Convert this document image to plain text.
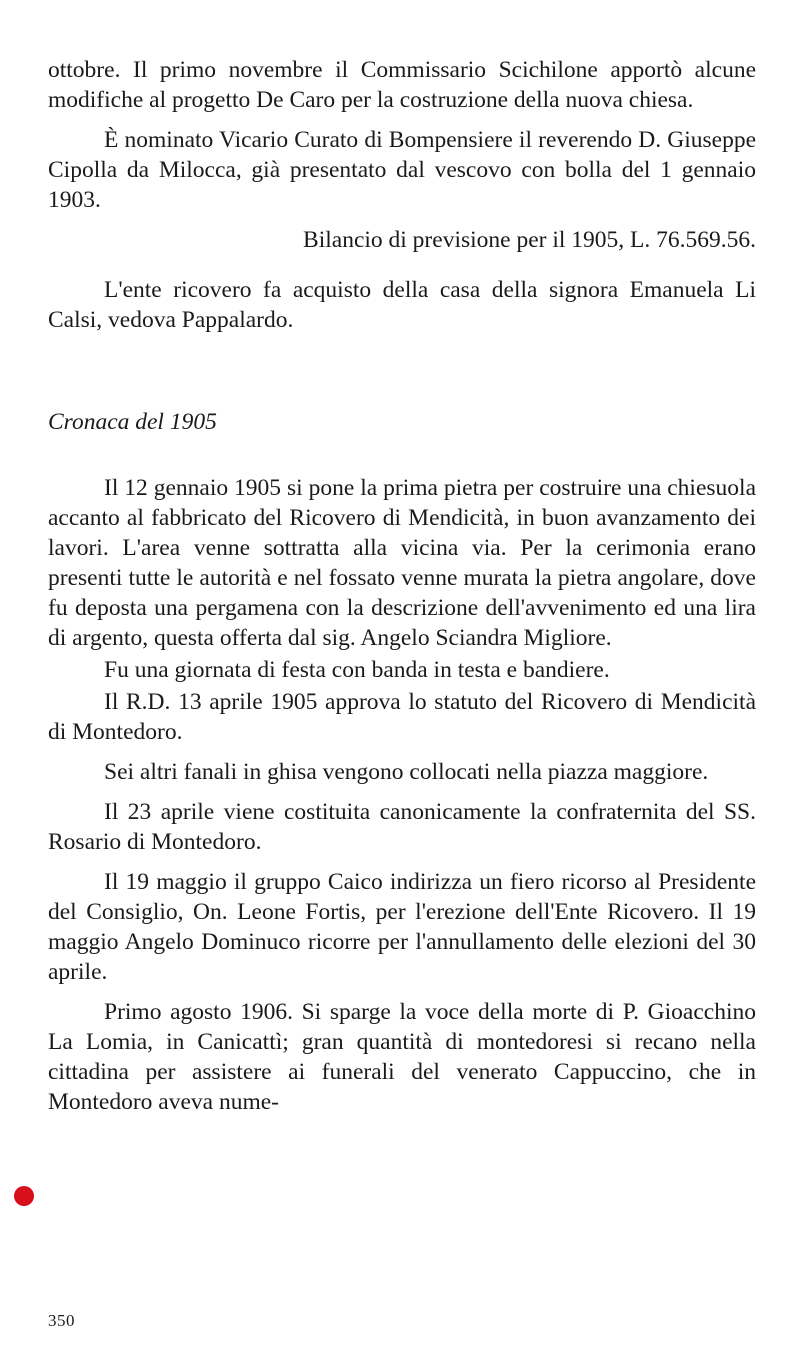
ottobre. Il primo novembre il Commissario Scichilone apportò alcune modifiche al progetto De Caro per la costruzione della nuova chiesa.

È nominato Vicario Curato di Bompensiere il reverendo D. Giuseppe Cipolla da Milocca, già presentato dal vescovo con bolla del 1 gennaio 1903.

Bilancio di previsione per il 1905, L. 76.569.56.

L'ente ricovero fa acquisto della casa della signora Emanuela Li Calsi, vedova Pappalardo.

Cronaca del 1905

Il 12 gennaio 1905 si pone la prima pietra per costruire una chiesuola accanto al fabbricato del Ricovero di Mendicità, in buon avanzamento dei lavori. L'area venne sottratta alla vicina via. Per la cerimonia erano presenti tutte le autorità e nel fossato venne murata la pietra angolare, dove fu deposta una pergamena con la descrizione dell'avvenimento ed una lira di argento, questa offerta dal sig. Angelo Sciandra Migliore.

Fu una giornata di festa con banda in testa e bandiere.

Il R.D. 13 aprile 1905 approva lo statuto del Ricovero di Mendicità di Montedoro.

Sei altri fanali in ghisa vengono collocati nella piazza maggiore.

Il 23 aprile viene costituita canonicamente la confraternita del SS. Rosario di Montedoro.

Il 19 maggio il gruppo Caico indirizza un fiero ricorso al Presidente del Consiglio, On. Leone Fortis, per l'erezione dell'Ente Ricovero. Il 19 maggio Angelo Dominuco ricorre per l'annullamento delle elezioni del 30 aprile.

Primo agosto 1906. Si sparge la voce della morte di P. Gioacchino La Lomia, in Canicattì; gran quantità di montedoresi si recano nella cittadina per assistere ai funerali del venerato Cappuccino, che in Montedoro aveva nume-

350
